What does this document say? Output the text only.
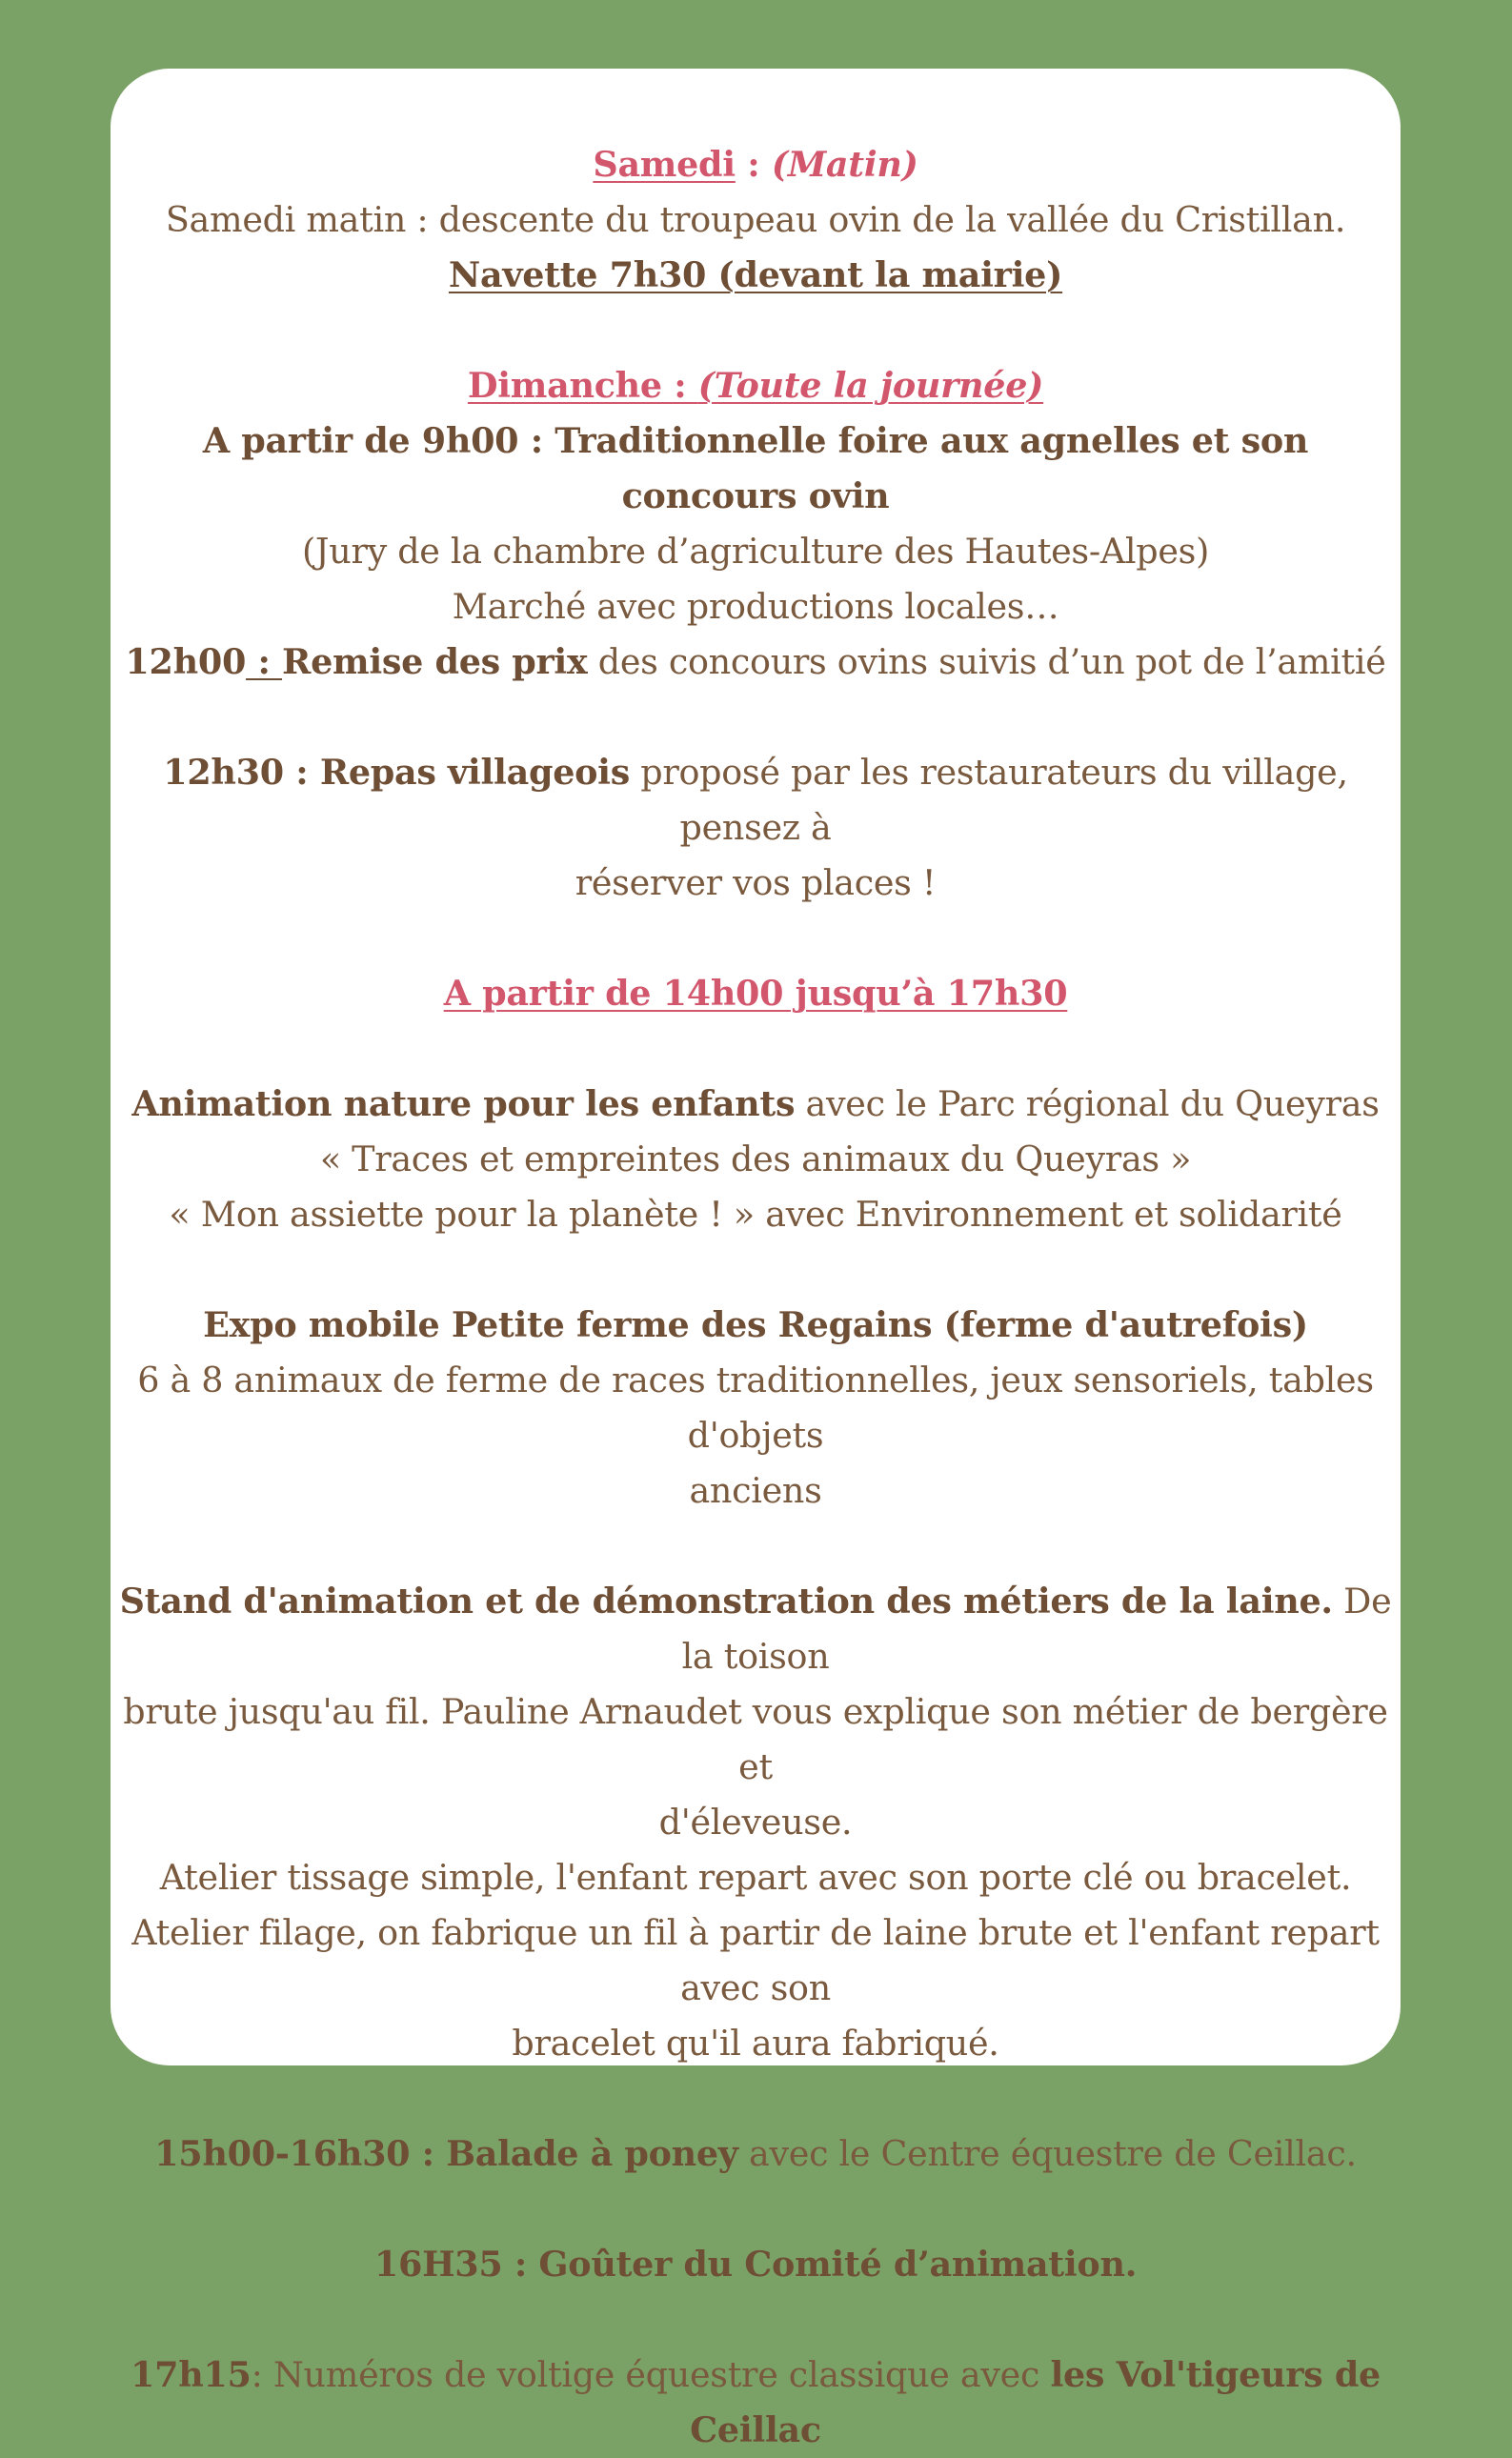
Samedi : (Matin)

Samedi matin : descente du troupeau ovin de la vallée du Cristillan.

Navette 7h30 (devant la mairie)

Dimanche : (Toute la journée)

A partir de 9h00 : Traditionnelle foire aux agnelles et son concours ovin

(Jury de la chambre d’agriculture des Hautes-Alpes)

Marché avec productions locales…

12h00 : Remise des prix des concours ovins suivis d’un pot de l’amitié

12h30 : Repas villageois proposé par les restaurateurs du village, pensez à

réserver vos places !

A partir de 14h00 jusqu’à 17h30

Animation nature pour les enfants avec le Parc régional du Queyras

« Traces et empreintes des animaux du Queyras »

« Mon assiette pour la planète ! » avec Environnement et solidarité

Expo mobile Petite ferme des Regains (ferme d'autrefois)

6 à 8 animaux de ferme de races traditionnelles, jeux sensoriels, tables d'objets

anciens

Stand d'animation et de démonstration des métiers de la laine. De la toison

brute jusqu'au fil. Pauline Arnaudet vous explique son métier de bergère et

d'éleveuse.

Atelier tissage simple, l'enfant repart avec son porte clé ou bracelet.

Atelier filage, on fabrique un fil à partir de laine brute et l'enfant repart avec son

bracelet qu'il aura fabriqué.

15h00-16h30 : Balade à poney avec le Centre équestre de Ceillac.

16H35 : Goûter du Comité d’animation.

17h15: Numéros de voltige équestre classique avec les Vol'tigeurs de Ceillac
